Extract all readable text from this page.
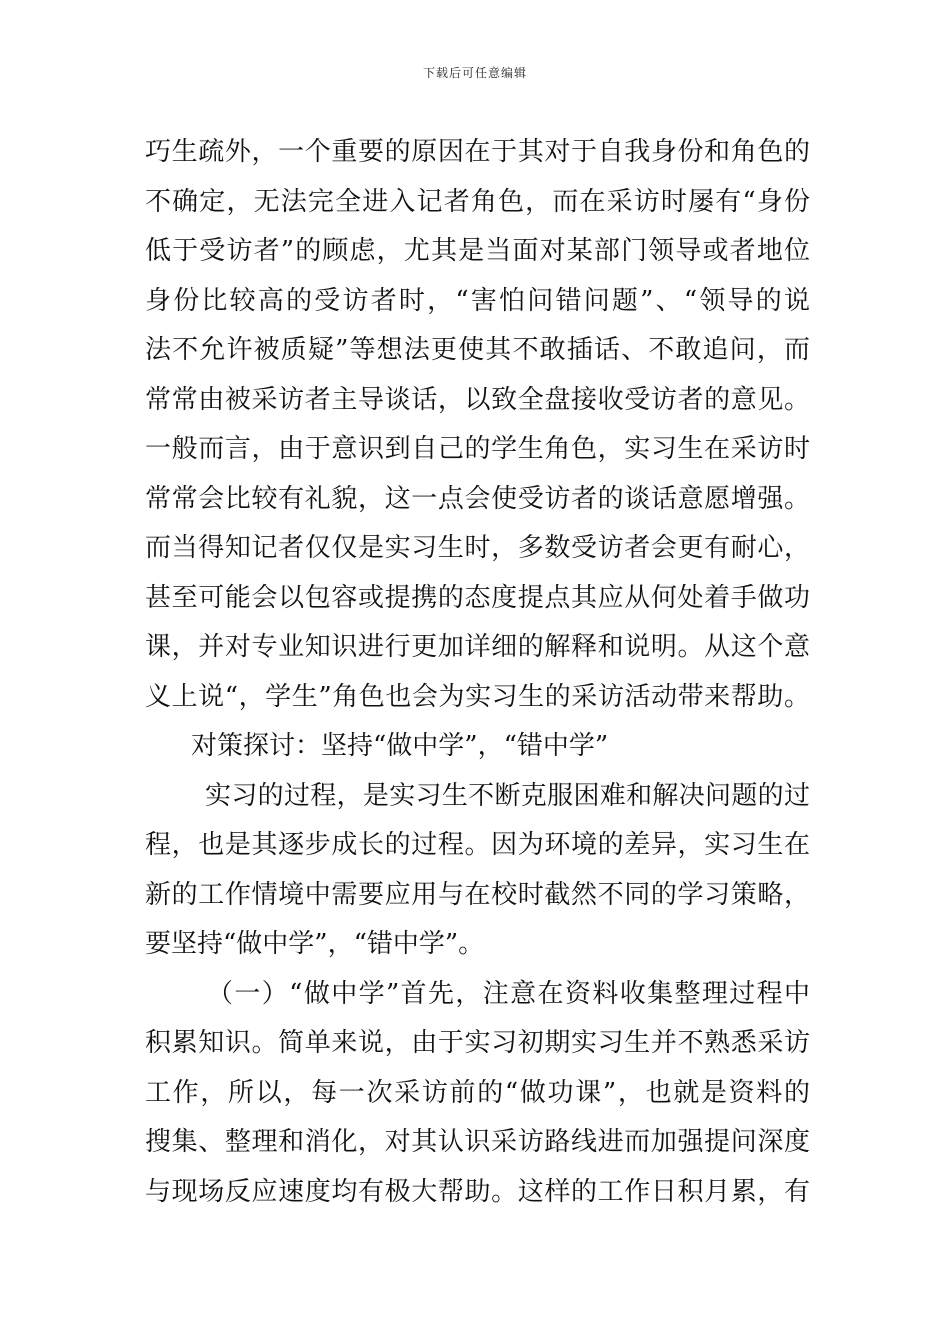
下载后可任意编辑
巧生疏外，一个重要的原因在于其对于自我身份和角色的
不确定，无法完全进入记者角色，而在采访时屡有“身份
低于受访者”的顾虑，尤其是当面对某部门领导或者地位
身份比较高的受访者时，“害怕问错问题”、“领导的说
法不允许被质疑”等想法更使其不敢插话、不敢追问，而
常常由被采访者主导谈话，以致全盘接收受访者的意见。
一般而言，由于意识到自己的学生角色，实习生在采访时
常常会比较有礼貌，这一点会使受访者的谈话意愿增强。
而当得知记者仅仅是实习生时，多数受访者会更有耐心，
甚至可能会以包容或提携的态度提点其应从何处着手做功
课，并对专业知识进行更加详细的解释和说明。从这个意
义上说“，学生”角色也会为实习生的采访活动带来帮助。
对策探讨：坚持“做中学”，“错中学”
实习的过程，是实习生不断克服困难和解决问题的过
程，也是其逐步成长的过程。因为环境的差异，实习生在
新的工作情境中需要应用与在校时截然不同的学习策略，
要坚持“做中学”，“错中学”。
（一）“做中学”首先，注意在资料收集整理过程中
积累知识。简单来说，由于实习初期实习生并不熟悉采访
工作，所以，每一次采访前的“做功课”，也就是资料的
搜集、整理和消化，对其认识采访路线进而加强提问深度
与现场反应速度均有极大帮助。这样的工作日积月累，有
